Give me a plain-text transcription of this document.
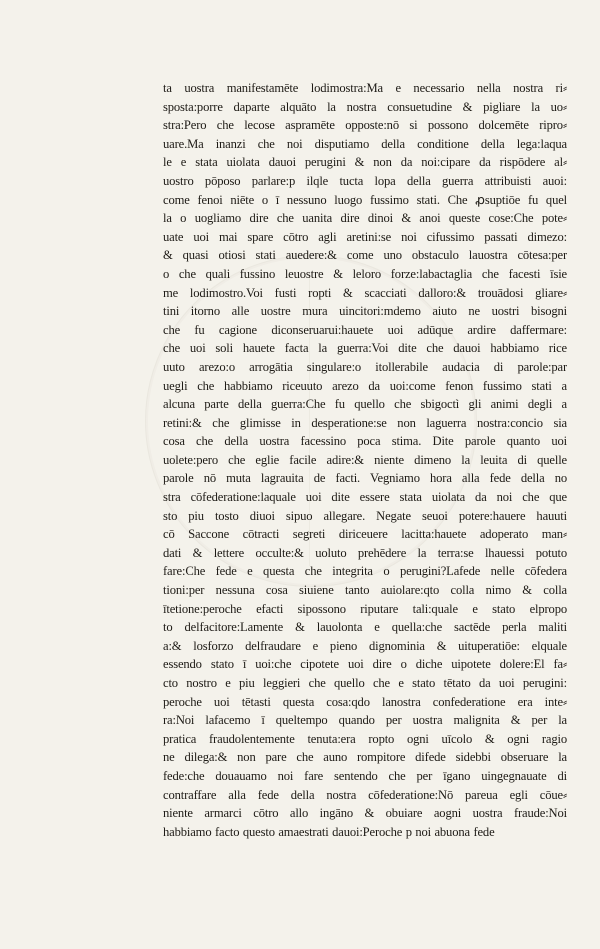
ta uostra manifestamēte lodimostra:Ma e necessario nella nostra ri⸗
sposta:porre daparte alquāto la nostra consuetudine & pigliare la uo⸗
stra:Pero che lecose aspramēte opposte:nō si possono dolcemēte ripro⸗
uare.Ma inanzi che noi disputiamo della conditione della lega:laqua
le e stata uiolata dauoi perugini & non da noi:cipare da rispōdere al⸗
uostro pōposo parlare:p ilqle tucta lopa della guerra attribuisti auoi:
come fenoi niēte o ī nessuno luogo fussimo stati. Che ꝓsuptiōe fu quel
la o uogliamo dire che uanita dire dinoi & anoi queste cose:Che pote⸗
uate uoi mai spare cōtro agli aretini:se noi cifussimo passati dimezo:
& quasi otiosi stati auedere:& come uno obstaculo lauostra cōtesa:per
o che quali fussino leuostre & leloro forze:labactaglia che facesti īsie
me lodimostro.Voi fusti ropti & scacciati dalloro:& trouādosi gliare⸗
tini itorno alle uostre mura uincitori:mdemo aiuto ne uostri bisogni
che fu cagione diconseruarui:hauete uoi adūque ardire daffermare:
che uoi soli hauete facta la guerra:Voi dite che dauoi habbiamo rice
uuto arezo:o arrogātia singulare:o itollerabile audacia di parole:par
uegli che habbiamo riceuuto arezo da uoi:come fenon fussimo stati a
alcuna parte della guerra:Che fu quello che sbigoctì gli animi degli a
retini:& che glimisse in desperatione:se non laguerra nostra:concio sia
cosa che della uostra facessino poca stima. Dite parole quanto uoi
uolete:pero che eglie facile adire:& niente dimeno la leuita di quelle
parole nō muta lagrauita de facti. Vegniamo hora alla fede della no
stra cōfederatione:laquale uoi dite essere stata uiolata da noi che que
sto piu tosto diuoi sipuo allegare. Negate seuoi poterе:hauere hauuti
cō Saccone cōtracti segreti diriceuere lacitta:hauete adoperato man⸗
dati & lettere occulte:& uoluto prehēdere la terra:se lhauessi potuto
fare:Che fede e questa che integrita o perugini?Lafede nelle cōfedera
tioni:per nessuna cosa siuiene tanto auiolare:qto colla nimo & colla
ītetione:peroche efacti sipossono riputare tali:quale e stato elpropo
to delfacitore:Lamente & lauolonta e quella:che sactēde perla maliti
a:& losforzo delfraudare e pieno dignominia & uituperatiōe: elquale
essendo stato ī uoi:che cipotete uoi dire o diche uipotete dolere:El fa⸗
cto nostro e piu leggieri che quello che e stato tētato da uoi perugini:
peroche uoi tētasti questa cosa:qdo lanostra confederatione era inte⸗
ra:Noi lafacemo ī queltempo quando per uostra malignita & per la
pratica fraudolentemente tenuta:era ropto ogni uīcolo & ogni ragio
ne dilega:& non pare che auno rompitore difede sidebbi obseruare la
fede:che douauamo noi fare sentendo che per īgano uingegnauate di
contraffare alla fede della nostra cōfederatione:Nō pareua egli cōue⸗
niente armarci cōtro allo ingāno & obuiare aogni uostra fraude:Noi
habbiamo facto questo amaestrati dauoi:Peroche p noi abuona fede
